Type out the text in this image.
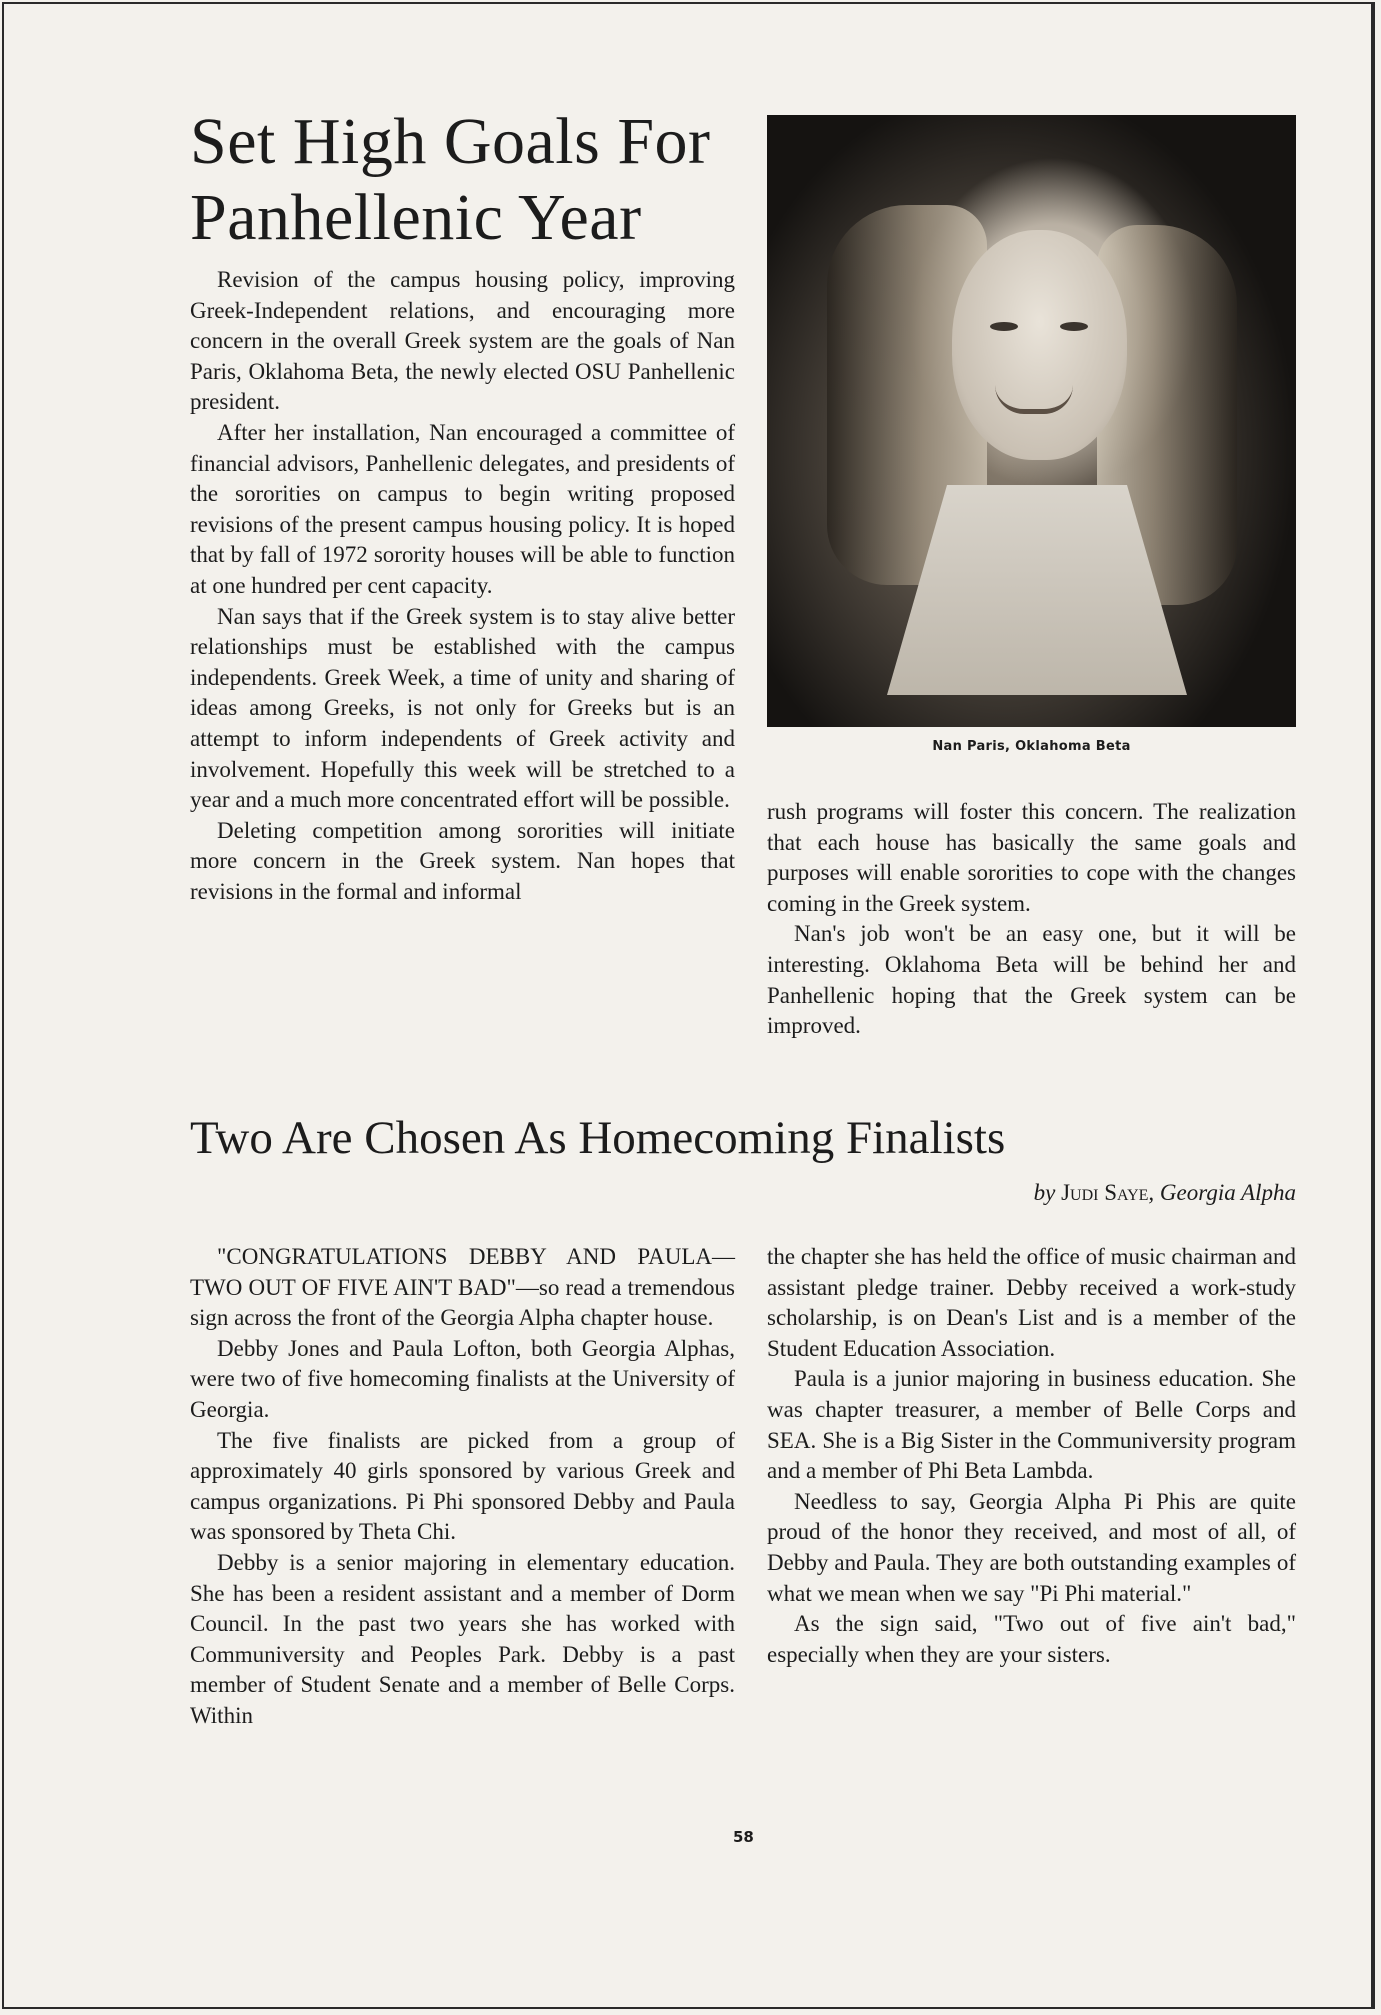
Set High Goals For Panhellenic Year

Revision of the campus housing policy, improving Greek-Independent relations, and encouraging more concern in the overall Greek system are the goals of Nan Paris, Oklahoma Beta, the newly elected OSU Panhellenic president.

After her installation, Nan encouraged a committee of financial advisors, Panhellenic delegates, and presidents of the sororities on campus to begin writing proposed revisions of the present campus housing policy. It is hoped that by fall of 1972 sorority houses will be able to function at one hundred per cent capacity.

Nan says that if the Greek system is to stay alive better relationships must be established with the campus independents. Greek Week, a time of unity and sharing of ideas among Greeks, is not only for Greeks but is an attempt to inform independents of Greek activity and involvement. Hopefully this week will be stretched to a year and a much more concentrated effort will be possible.

Deleting competition among sororities will initiate more concern in the Greek system. Nan hopes that revisions in the formal and informal

Nan Paris, Oklahoma Beta

rush programs will foster this concern. The realization that each house has basically the same goals and purposes will enable sororities to cope with the changes coming in the Greek system.

Nan's job won't be an easy one, but it will be interesting. Oklahoma Beta will be behind her and Panhellenic hoping that the Greek system can be improved.

Two Are Chosen As Homecoming Finalists
by Judi Saye, Georgia Alpha

"CONGRATULATIONS DEBBY AND PAULA—TWO OUT OF FIVE AIN'T BAD"—so read a tremendous sign across the front of the Georgia Alpha chapter house.

Debby Jones and Paula Lofton, both Georgia Alphas, were two of five homecoming finalists at the University of Georgia.

The five finalists are picked from a group of approximately 40 girls sponsored by various Greek and campus organizations. Pi Phi sponsored Debby and Paula was sponsored by Theta Chi.

Debby is a senior majoring in elementary education. She has been a resident assistant and a member of Dorm Council. In the past two years she has worked with Communiversity and Peoples Park. Debby is a past member of Student Senate and a member of Belle Corps. Within

the chapter she has held the office of music chairman and assistant pledge trainer. Debby received a work-study scholarship, is on Dean's List and is a member of the Student Education Association.

Paula is a junior majoring in business education. She was chapter treasurer, a member of Belle Corps and SEA. She is a Big Sister in the Communiversity program and a member of Phi Beta Lambda.

Needless to say, Georgia Alpha Pi Phis are quite proud of the honor they received, and most of all, of Debby and Paula. They are both outstanding examples of what we mean when we say "Pi Phi material."

As the sign said, "Two out of five ain't bad," especially when they are your sisters.

58
